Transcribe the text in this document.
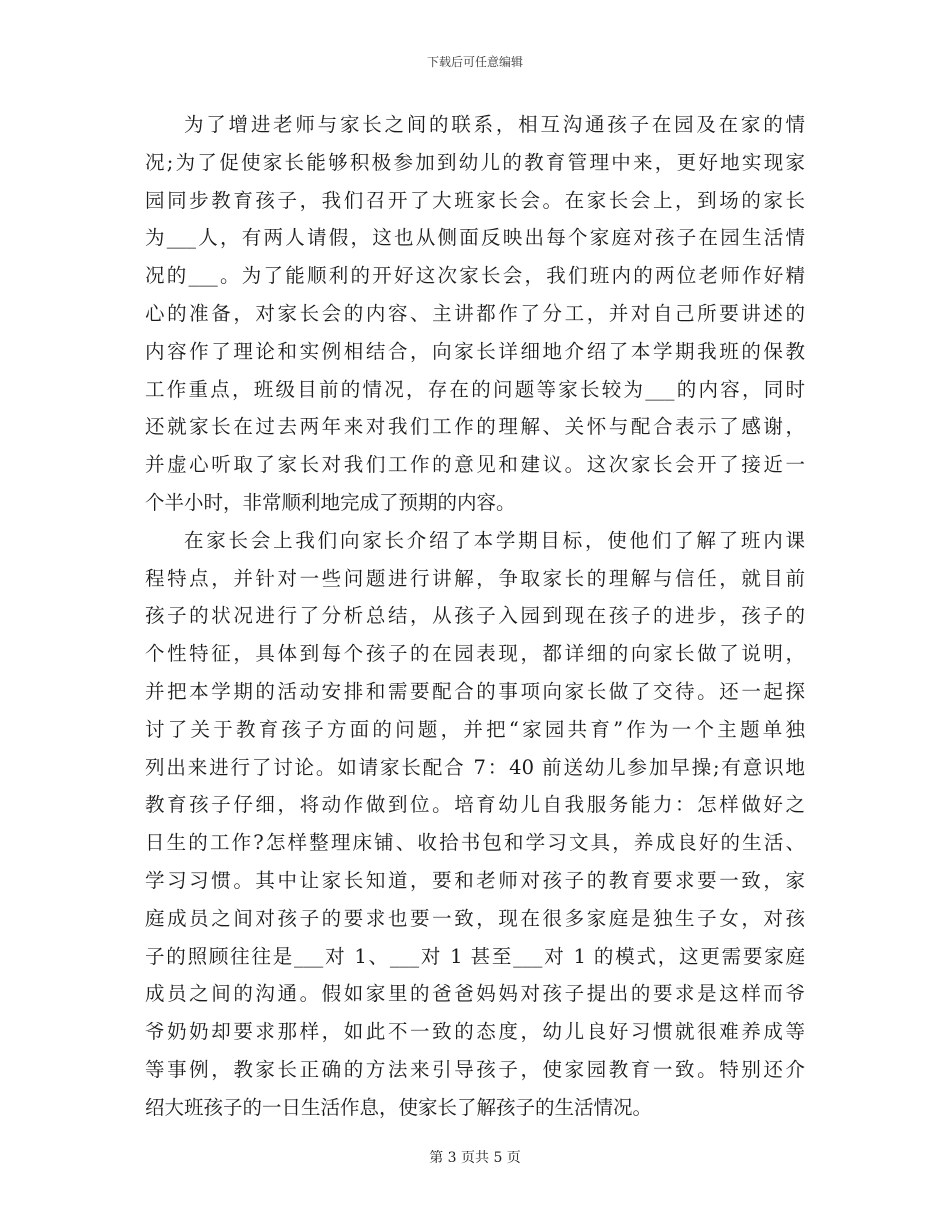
下载后可任意编辑
为了增进老师与家长之间的联系，相互沟通孩子在园及在家的情
况;为了促使家长能够积极参加到幼儿的教育管理中来，更好地实现家
园同步教育孩子，我们召开了大班家长会。在家长会上，到场的家长
为___人，有两人请假，这也从侧面反映出每个家庭对孩子在园生活情
况的___。为了能顺利的开好这次家长会，我们班内的两位老师作好精
心的准备，对家长会的内容、主讲都作了分工，并对自己所要讲述的
内容作了理论和实例相结合，向家长详细地介绍了本学期我班的保教
工作重点，班级目前的情况，存在的问题等家长较为___的内容，同时
还就家长在过去两年来对我们工作的理解、关怀与配合表示了感谢，
并虚心听取了家长对我们工作的意见和建议。这次家长会开了接近一
个半小时，非常顺利地完成了预期的内容。
在家长会上我们向家长介绍了本学期目标，使他们了解了班内课
程特点，并针对一些问题进行讲解，争取家长的理解与信任，就目前
孩子的状况进行了分析总结，从孩子入园到现在孩子的进步，孩子的
个性特征，具体到每个孩子的在园表现，都详细的向家长做了说明，
并把本学期的活动安排和需要配合的事项向家长做了交待。还一起探
讨了关于教育孩子方面的问题，并把“家园共育”作为一个主题单独
列出来进行了讨论。如请家长配合 7：40 前送幼儿参加早操;有意识地
教育孩子仔细，将动作做到位。培育幼儿自我服务能力：怎样做好之
日生的工作?怎样整理床铺、收拾书包和学习文具，养成良好的生活、
学习习惯。其中让家长知道，要和老师对孩子的教育要求要一致，家
庭成员之间对孩子的要求也要一致，现在很多家庭是独生子女，对孩
子的照顾往往是___对 1、___对 1 甚至___对 1 的模式，这更需要家庭
成员之间的沟通。假如家里的爸爸妈妈对孩子提出的要求是这样而爷
爷奶奶却要求那样，如此不一致的态度，幼儿良好习惯就很难养成等
等事例，教家长正确的方法来引导孩子，使家园教育一致。特别还介
绍大班孩子的一日生活作息，使家长了解孩子的生活情况。
第 3 页共 5 页
